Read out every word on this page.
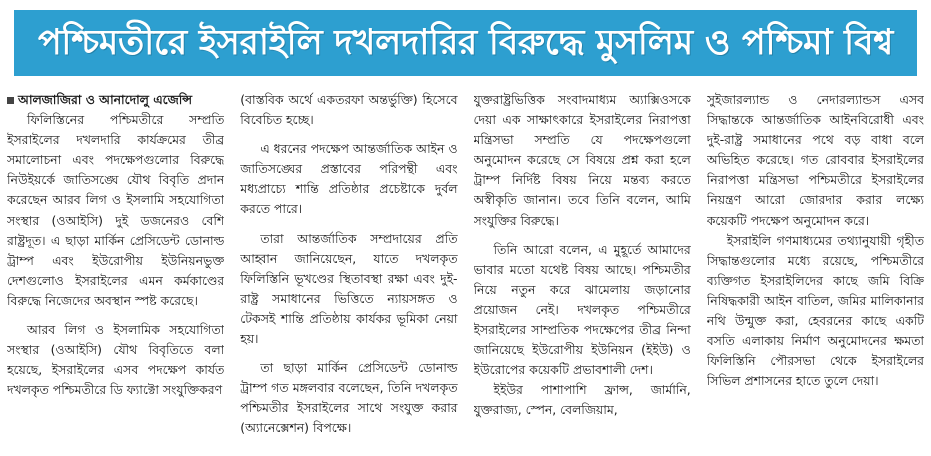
পশ্চিমতীরে ইসরাইলি দখলদারির বিরুদ্ধে মুসলিম ও পশ্চিমা বিশ্ব

আলজাজিরা ও আনাদোলু এজেন্সি

ফিলিস্তিনের পশ্চিমতীরে সম্প্রতি ইসরাইলের দখলদারি কার্যক্রমের তীব্র সমালোচনা এবং পদক্ষেপগুলোর বিরুদ্ধে নিউইয়র্কে জাতিসঙ্ঘে যৌথ বিবৃতি প্রদান করেছেন আরব লিগ ও ইসলামি সহযোগিতা সংস্থার (ওআইসি) দুই ডজনেরও বেশি রাষ্ট্রদূত। এ ছাড়া মার্কিন প্রেসিডেন্ট ডোনাল্ড ট্রাম্প এবং ইউরোপীয় ইউনিয়নভুক্ত দেশগুলোও ইসরাইলের এমন কর্মকাণ্ডের বিরুদ্ধে নিজেদের অবস্থান স্পষ্ট করেছে।

আরব লিগ ও ইসলামিক সহযোগিতা সংস্থার (ওআইসি) যৌথ বিবৃতিতে বলা হয়েছে, ইসরাইলের এসব পদক্ষেপ কার্যত দখলকৃত পশ্চিমতীরে ডি ফ্যাক্টো সংযুক্তিকরণ

(বাস্তবিক অর্থে একতরফা অন্তর্ভুক্তি) হিসেবে বিবেচিত হচ্ছে।

এ ধরনের পদক্ষেপ আন্তর্জাতিক আইন ও জাতিসঙ্ঘের প্রস্তাবের পরিপন্থী এবং মধ্যপ্রাচ্যে শান্তি প্রতিষ্ঠার প্রচেষ্টাকে দুর্বল করতে পারে।

তারা আন্তর্জাতিক সম্প্রদায়ের প্রতি আহ্বান জানিয়েছেন, যাতে দখলকৃত ফিলিস্তিনি ভূখণ্ডের স্থিতাবস্থা রক্ষা এবং দুই-রাষ্ট্র সমাধানের ভিত্তিতে ন্যায়সঙ্গত ও টেকসই শান্তি প্রতিষ্ঠায় কার্যকর ভূমিকা নেয়া হয়।

তা ছাড়া মার্কিন প্রেসিডেন্ট ডোনাল্ড ট্রাম্প গত মঙ্গলবার বলেছেন, তিনি দখলকৃত পশ্চিমতীর ইসরাইলের সাথে সংযুক্ত করার (অ্যানেক্সেশন) বিপক্ষে।

যুক্তরাষ্ট্রভিত্তিক সংবাদমাধ্যম অ্যাক্সিওসকে দেয়া এক সাক্ষাৎকারে ইসরাইলের নিরাপত্তা মন্ত্রিসভা সম্প্রতি যে পদক্ষেপগুলো অনুমোদন করেছে সে বিষয়ে প্রশ্ন করা হলে ট্রাম্প নির্দিষ্ট বিষয় নিয়ে মন্তব্য করতে অস্বীকৃতি জানান। তবে তিনি বলেন, আমি সংযুক্তির বিরুদ্ধে।

তিনি আরো বলেন, এ মুহূর্তে আমাদের ভাবার মতো যথেষ্ট বিষয় আছে। পশ্চিমতীর নিয়ে নতুন করে ঝামেলায় জড়ানোর প্রয়োজন নেই। দখলকৃত পশ্চিমতীরে ইসরাইলের সাম্প্রতিক পদক্ষেপের তীব্র নিন্দা জানিয়েছে ইউরোপীয় ইউনিয়ন (ইইউ) ও ইউরোপের কয়েকটি প্রভাবশালী দেশ।

ইইউর পাশাপাশি ফ্রান্স, জার্মানি, যুক্তরাজ্য, স্পেন, বেলজিয়াম,

সুইজারল্যান্ড ও নেদারল্যান্ডস এসব সিদ্ধান্তকে আন্তর্জাতিক আইনবিরোধী এবং দুই-রাষ্ট্র সমাধানের পথে বড় বাধা বলে অভিহিত করেছে। গত রোববার ইসরাইলের নিরাপত্তা মন্ত্রিসভা পশ্চিমতীরে ইসরাইলের নিয়ন্ত্রণ আরো জোরদার করার লক্ষ্যে কয়েকটি পদক্ষেপ অনুমোদন করে।

ইসরাইলি গণমাধ্যমের তথ্যানুযায়ী গৃহীত সিদ্ধান্তগুলোর মধ্যে রয়েছে, পশ্চিমতীরে ব্যক্তিগত ইসরাইলিদের কাছে জমি বিক্রি নিষিদ্ধকারী আইন বাতিল, জমির মালিকানার নথি উন্মুক্ত করা, হেবরনের কাছে একটি বসতি এলাকায় নির্মাণ অনুমোদনের ক্ষমতা ফিলিস্তিনি পৌরসভা থেকে ইসরাইলের সিভিল প্রশাসনের হাতে তুলে দেয়া।
